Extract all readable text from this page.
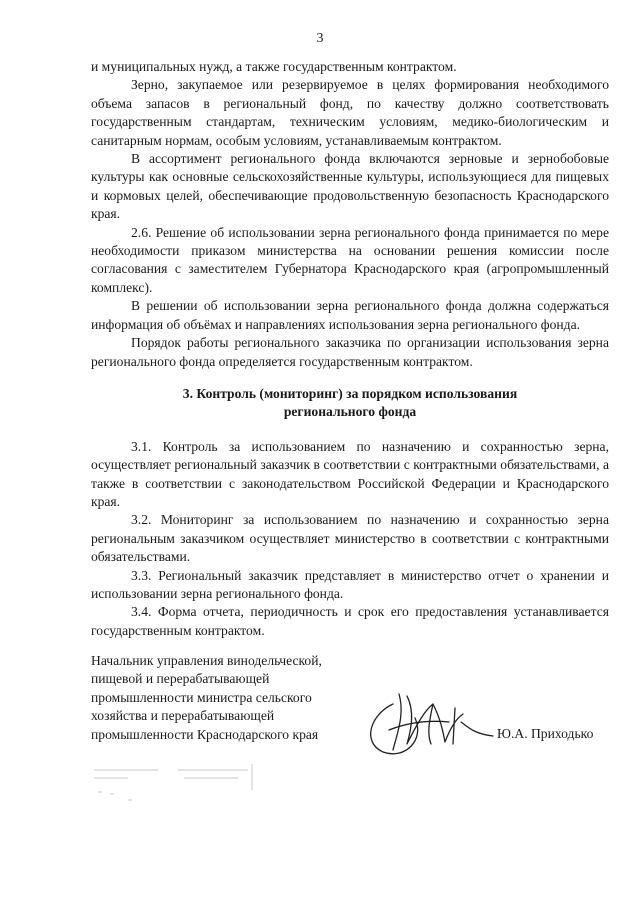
3

и муниципальных нужд, а также государственным контрактом.

Зерно, закупаемое или резервируемое в целях формирования необходимого объема запасов в региональный фонд, по качеству должно соответствовать государственным стандартам, техническим условиям, медико-биологическим и санитарным нормам, особым условиям, устанавливаемым контрактом.

В ассортимент регионального фонда включаются зерновые и зернобобовые культуры как основные сельскохозяйственные культуры, использующиеся для пищевых и кормовых целей, обеспечивающие продовольственную безопасность Краснодарского края.

2.6. Решение об использовании зерна регионального фонда принимается по мере необходимости приказом министерства на основании решения комиссии после согласования с заместителем Губернатора Краснодарского края (агропромышленный комплекс).

В решении об использовании зерна регионального фонда должна содержаться информация об объёмах и направлениях использования зерна регионального фонда.

Порядок работы регионального заказчика по организации использования зерна регионального фонда определяется государственным контрактом.

3. Контроль (мониторинг) за порядком использования
регионального фонда

3.1. Контроль за использованием по назначению и сохранностью зерна, осуществляет региональный заказчик в соответствии с контрактными обязательствами, а также в соответствии с законодательством Российской Федерации и Краснодарского края.

3.2. Мониторинг за использованием по назначению и сохранностью зерна региональным заказчиком осуществляет министерство в соответствии с контрактными обязательствами.

3.3. Региональный заказчик представляет в министерство отчет о хранении и использовании зерна регионального фонда.

3.4. Форма отчета, периодичность и срок его предоставления устанавливается государственным контрактом.

Начальник управления винодельческой,
пищевой и перерабатывающей
промышленности министра сельского
хозяйства и перерабатывающей
промышленности Краснодарского края	Ю.А. Приходько
